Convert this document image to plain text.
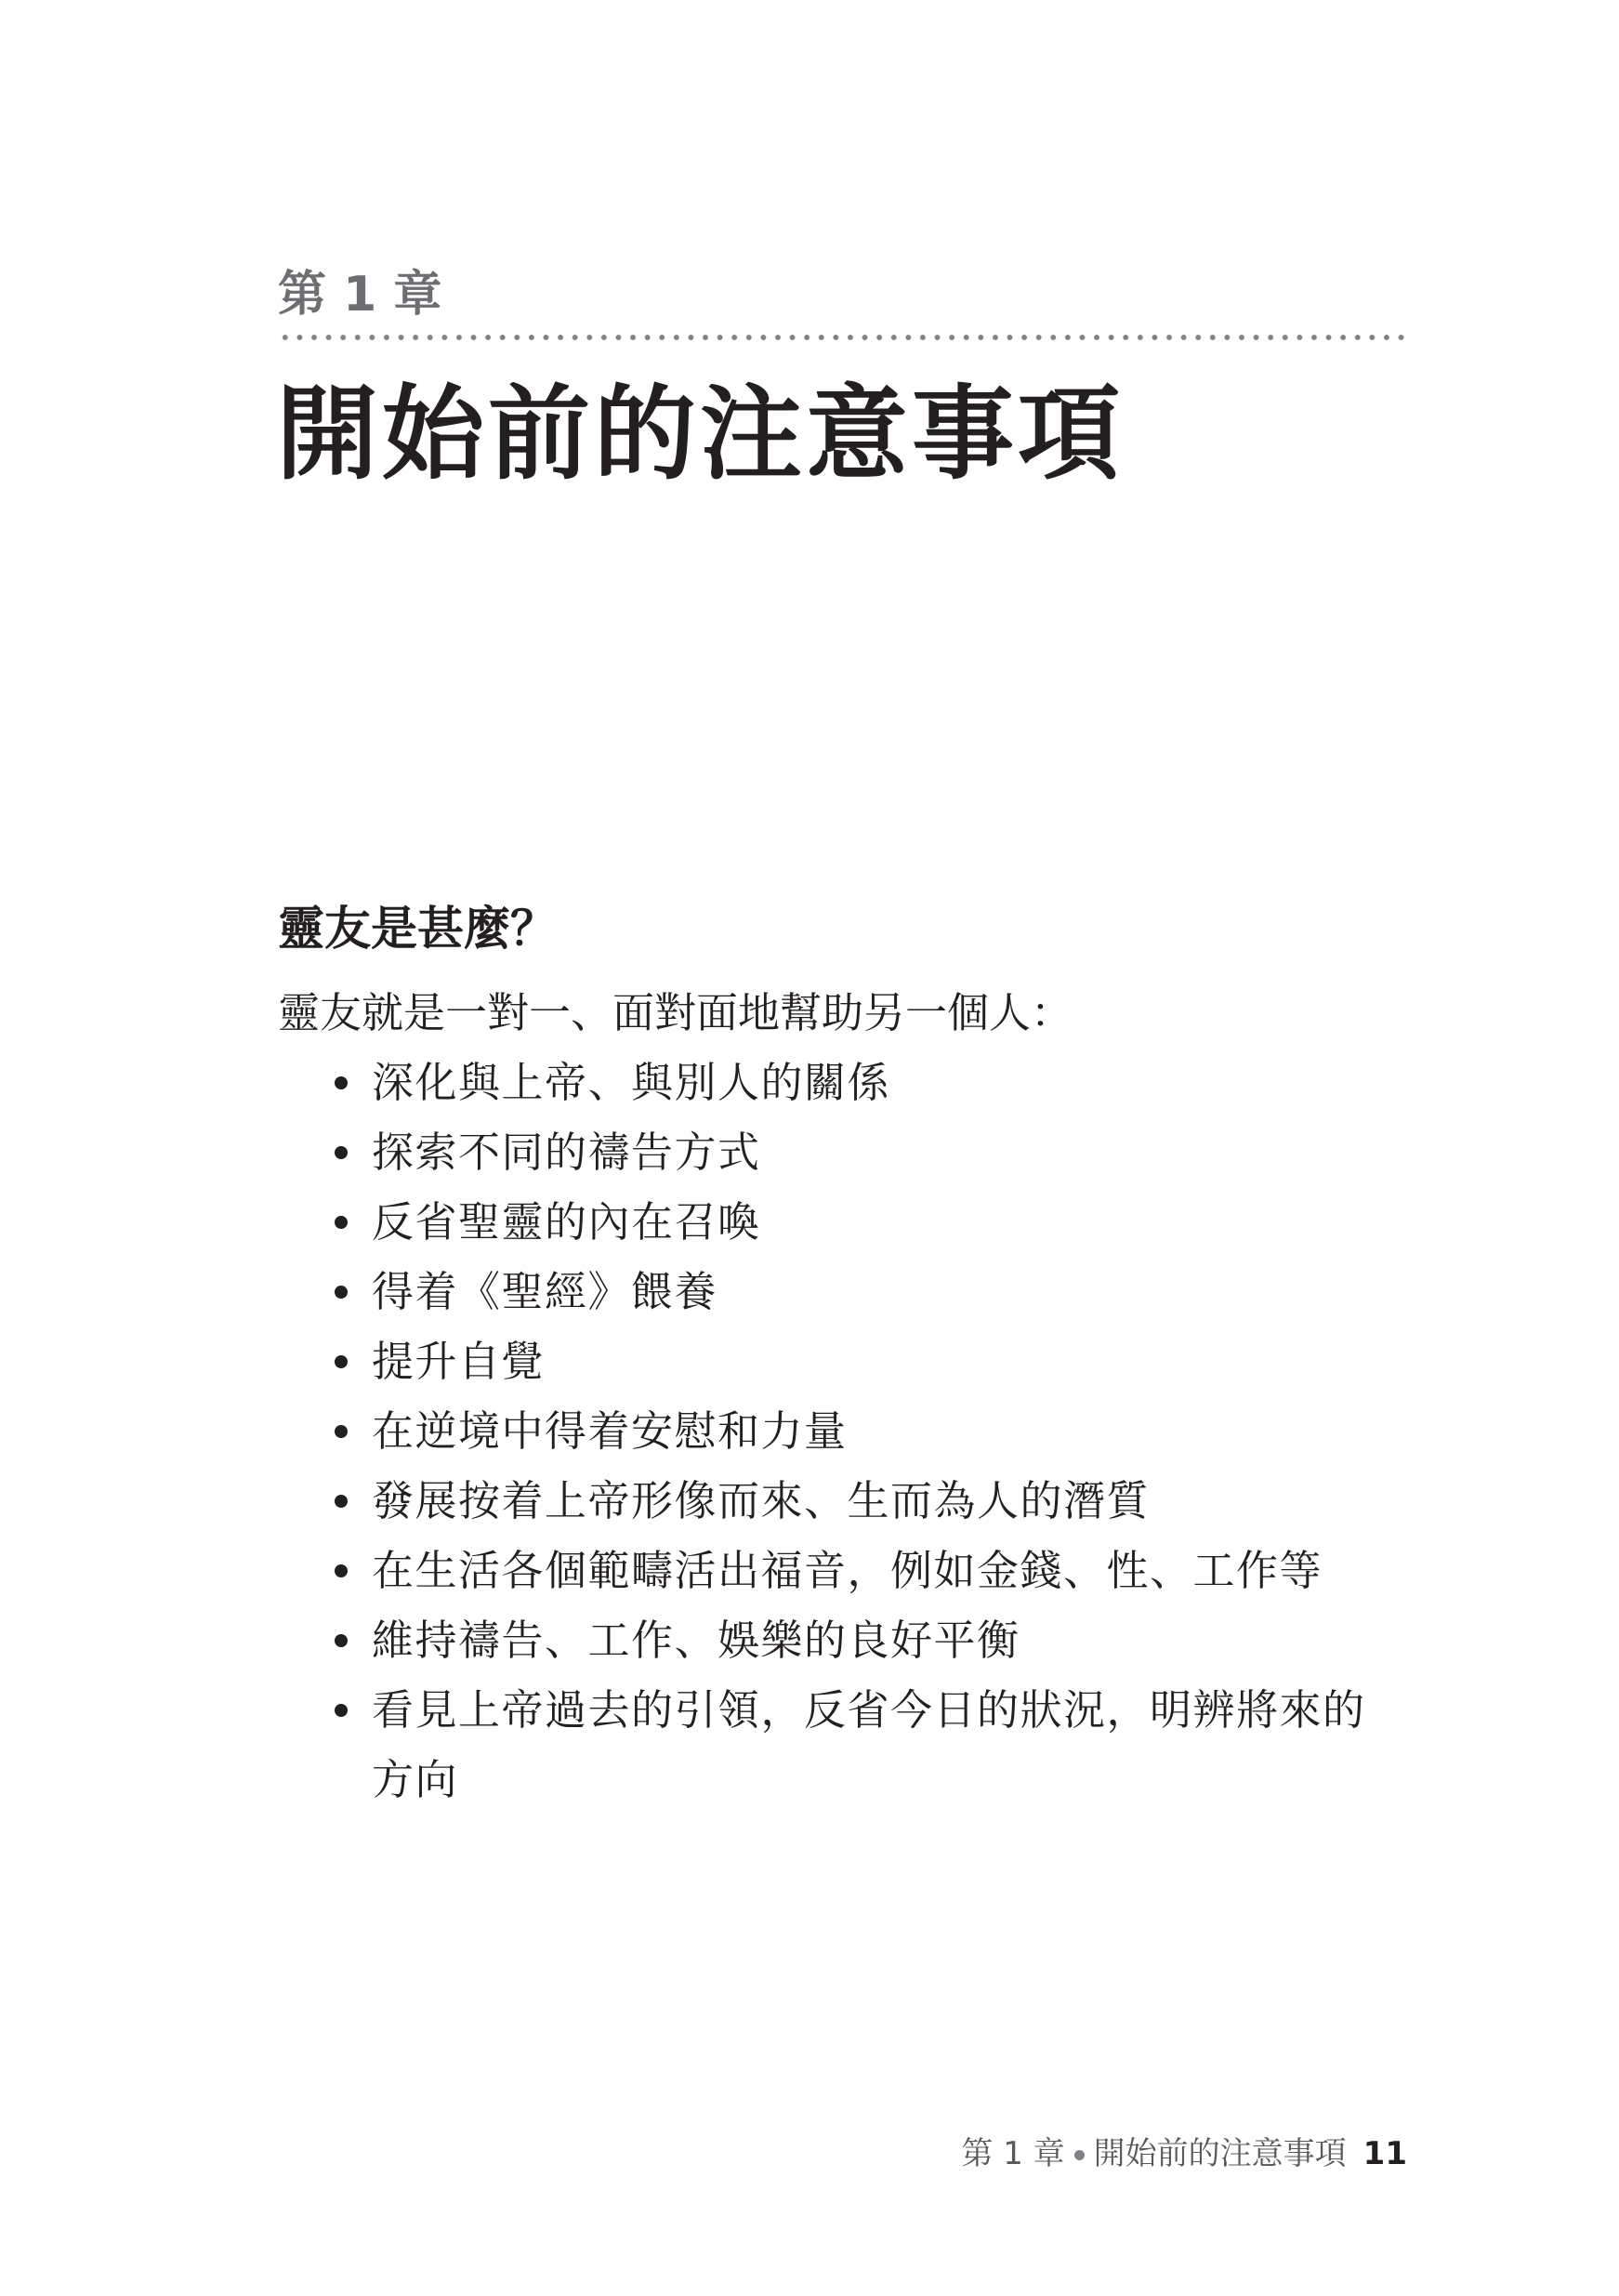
第 1 章
開始前的注意事項
靈友是甚麼？

靈友就是一對一、面對面地幫助另一個人：

深化與上帝、與別人的關係
探索不同的禱告方式
反省聖靈的內在召喚
得着《聖經》餵養
提升自覺
在逆境中得着安慰和力量
發展按着上帝形像而來、生而為人的潛質
在生活各個範疇活出福音，例如金錢、性、工作等
維持禱告、工作、娛樂的良好平衡
看見上帝過去的引領，反省今日的狀況，明辨將來的方向
第 1 章 開始前的注意事項 11
